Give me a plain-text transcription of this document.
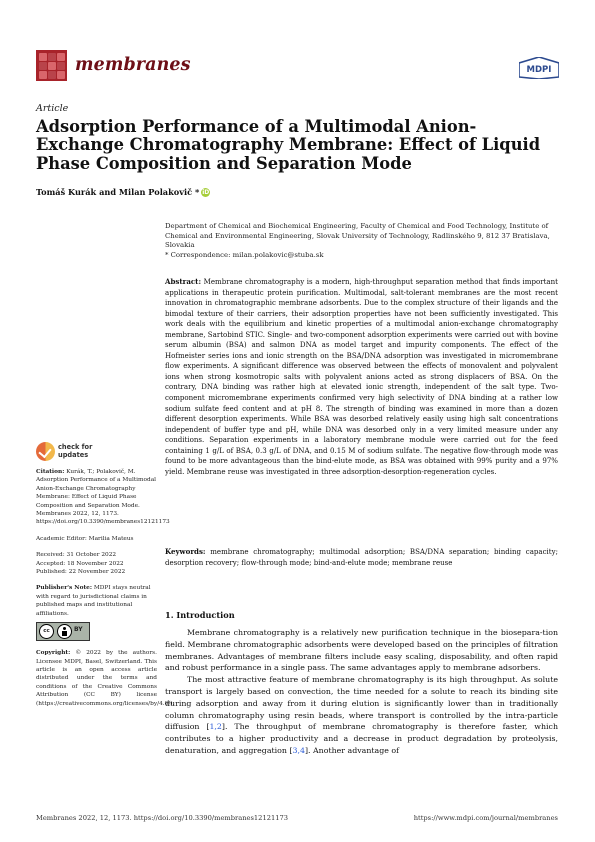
membranes	MDPI
Article
Adsorption Performance of a Multimodal Anion-Exchange Chromatography Membrane: Effect of Liquid Phase Composition and Separation Mode
Tomáš Kurák and Milan Polakovič * iD
Department of Chemical and Biochemical Engineering, Faculty of Chemical and Food Technology, Institute of Chemical and Environmental Engineering, Slovak University of Technology, Radlinského 9, 812 37 Bratislava, Slovakia
* Correspondence: milan.polakovic@stuba.sk
Abstract: Membrane chromatography is a modern, high-throughput separation method that finds important applications in therapeutic protein purification. Multimodal, salt-tolerant membranes are the most recent innovation in chromatographic membrane adsorbents. Due to the complex structure of their ligands and the bimodal texture of their carriers, their adsorption properties have not been sufficiently investigated. This work deals with the equilibrium and kinetic properties of a multimodal anion-exchange chromatography membrane, Sartobind STIC. Single- and two-component adsorption experiments were carried out with bovine serum albumin (BSA) and salmon DNA as model target and impurity components. The effect of the Hofmeister series ions and ionic strength on the BSA/DNA adsorption was investigated in micromembrane flow experiments. A significant difference was observed between the effects of monovalent and polyvalent ions when strong kosmotropic salts with polyvalent anions acted as strong displacers of BSA. On the contrary, DNA binding was rather high at elevated ionic strength, independent of the salt type. Two-component micromembrane experiments confirmed very high selectivity of DNA binding at a rather low sodium sulfate feed content and at pH 8. The strength of binding was examined in more than a dozen different desorption experiments. While BSA was desorbed relatively easily using high salt concentrations independent of buffer type and pH, while DNA was desorbed only in a very limited measure under any conditions. Separation experiments in a laboratory membrane module were carried out for the feed containing 1 g/L of BSA, 0.3 g/L of DNA, and 0.15 M of sodium sulfate. The negative flow-through mode was found to be more advantageous than the bind-elute mode, as BSA was obtained with 99% purity and a 97% yield. Membrane reuse was investigated in three adsorption-desorption-regeneration cycles.
Keywords: membrane chromatography; multimodal adsorption; BSA/DNA separation; binding capacity; desorption recovery; flow-through mode; bind-and-elute mode; membrane reuse
check for
updates

Citation: Kurák, T.; Polakovič, M. Adsorption Performance of a Multimodal Anion-Exchange Chromatography Membrane: Effect of Liquid Phase Composition and Separation Mode. Membranes 2022, 12, 1173. https://doi.org/10.3390/membranes12121173

Academic Editor: Marilia Mateus

Received: 31 October 2022

Accepted: 18 November 2022

Published: 22 November 2022

Publisher's Note: MDPI stays neutral with regard to jurisdictional claims in published maps and institutional affiliations.

cc	BY

Copyright: © 2022 by the authors. Licensee MDPI, Basel, Switzerland. This article is an open access article distributed under the terms and conditions of the Creative Commons Attribution (CC BY) license (https://creativecommons.org/licenses/by/4.0/).

1. Introduction

Membrane chromatography is a relatively new purification technique in the biosepara-tion field. Membrane chromatographic adsorbents were developed based on the principles of filtration membranes. Advantages of membrane filters include easy scaling, disposability, and often rapid and robust performance in a single pass. The same advantages apply to membrane adsorbers.

The most attractive feature of membrane chromatography is its high throughput. As solute transport is largely based on convection, the time needed for a solute to reach its binding site during adsorption and away from it during elution is significantly lower than in traditionally column chromatography using resin beads, where transport is controlled by the intra-particle diffusion [1,2]. The throughput of membrane chromatography is therefore faster, which contributes to a higher productivity and a decrease in product degradation by proteolysis, denaturation, and aggregation [3,4]. Another advantage of

Membranes 2022, 12, 1173. https://doi.org/10.3390/membranes12121173	https://www.mdpi.com/journal/membranes
